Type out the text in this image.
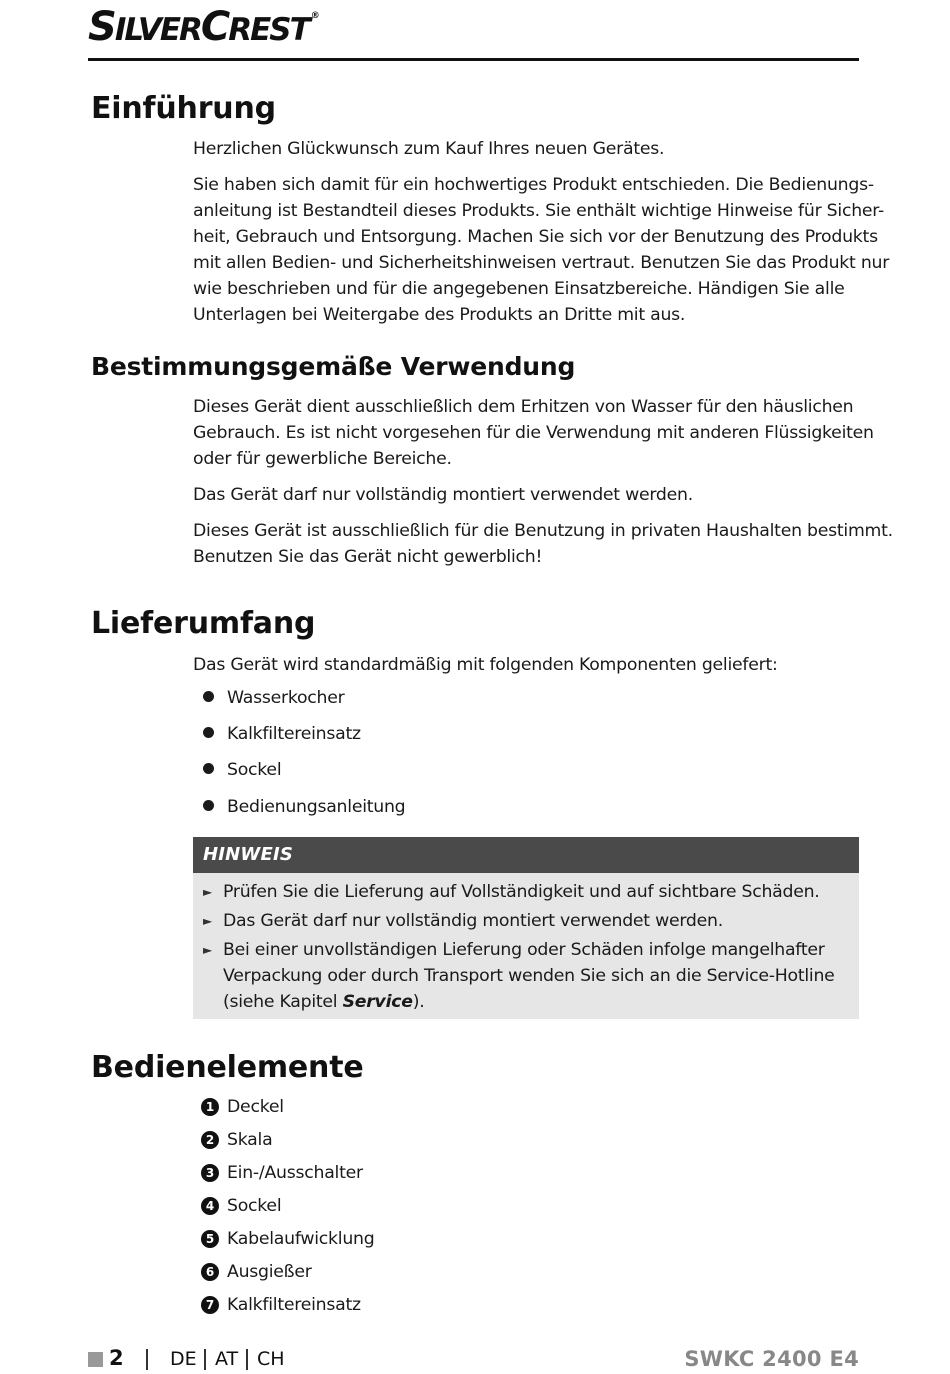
SILVERCREST ®
Einführung

Herzlichen Glückwunsch zum Kauf Ihres neuen Gerätes.

Sie haben sich damit für ein hochwertiges Produkt entschieden. Die Bedienungs-
anleitung ist Bestandteil dieses Produkts. Sie enthält wichtige Hinweise für Sicher-
heit, Gebrauch und Entsorgung. Machen Sie sich vor der Benutzung des Produkts
mit allen Bedien- und Sicherheitshinweisen vertraut. Benutzen Sie das Produkt nur
wie beschrieben und für die angegebenen Einsatzbereiche. Händigen Sie alle
Unterlagen bei Weitergabe des Produkts an Dritte mit aus.

Bestimmungsgemäße Verwendung

Dieses Gerät dient ausschließlich dem Erhitzen von Wasser für den häuslichen
Gebrauch. Es ist nicht vorgesehen für die Verwendung mit anderen Flüssigkeiten
oder für gewerbliche Bereiche.

Das Gerät darf nur vollständig montiert verwendet werden.

Dieses Gerät ist ausschließlich für die Benutzung in privaten Haushalten bestimmt.
Benutzen Sie das Gerät nicht gewerblich!

Lieferumfang

Das Gerät wird standardmäßig mit folgenden Komponenten geliefert:

Wasserkocher
Kalkfiltereinsatz
Sockel
Bedienungsanleitung
HINWEIS
► Prüfen Sie die Lieferung auf Vollständigkeit und auf sichtbare Schäden.
► Das Gerät darf nur vollständig montiert verwendet werden.
► Bei einer unvollständigen Lieferung oder Schäden infolge mangelhafter
Verpackung oder durch Transport wenden Sie sich an die Service-Hotline
(siehe Kapitel Service).
Bedienelemente
1 Deckel
2 Skala
3 Ein-/Ausschalter
4 Sockel
5 Kabelaufwicklung
6 Ausgießer
7 Kalkfiltereinsatz
2 DE AT CH	SWKC 2400 E4
